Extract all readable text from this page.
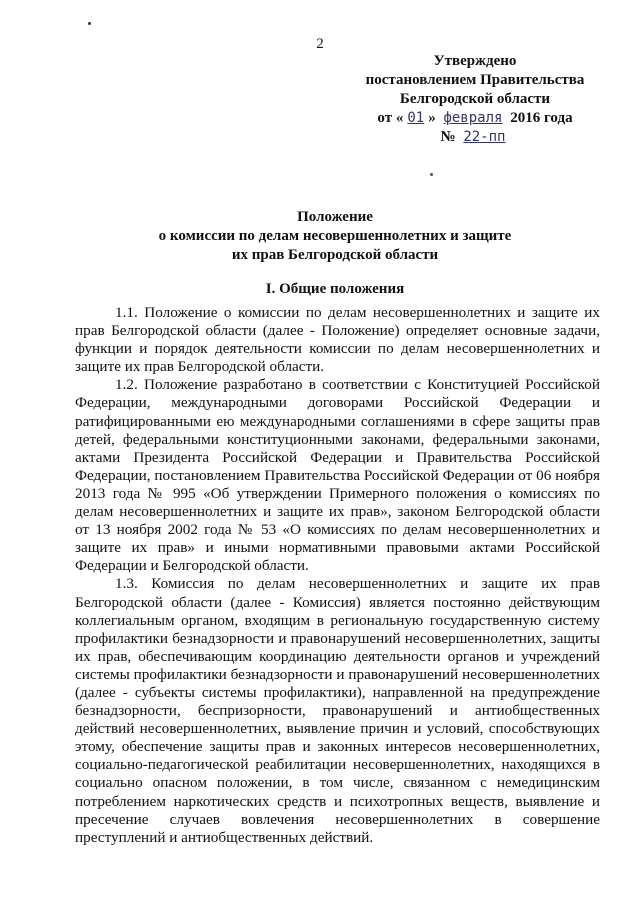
2
Утверждено
постановлением Правительства
Белгородской области
от « 01 » февраля 2016 года
№ 22-пп
Положение
о комиссии по делам несовершеннолетних и защите
их прав Белгородской области
I. Общие положения

1.1. Положение о комиссии по делам несовершеннолетних и защите их прав Белгородской области (далее - Положение) определяет основные задачи, функции и порядок деятельности комиссии по делам несовершеннолетних и защите их прав Белгородской области.

1.2. Положение разработано в соответствии с Конституцией Российской Федерации, международными договорами Российской Федерации и ратифицированными ею международными соглашениями в сфере защиты прав детей, федеральными конституционными законами, федеральными законами, актами Президента Российской Федерации и Правительства Российской Федерации, постановлением Правительства Российской Федерации от 06 ноября 2013 года № 995 «Об утверждении Примерного положения о комиссиях по делам несовершеннолетних и защите их прав», законом Белгородской области от 13 ноября 2002 года № 53 «О комиссиях по делам несовершеннолетних и защите их прав» и иными нормативными правовыми актами Российской Федерации и Белгородской области.

1.3. Комиссия по делам несовершеннолетних и защите их прав Белгородской области (далее - Комиссия) является постоянно действующим коллегиальным органом, входящим в региональную государственную систему профилактики безнадзорности и правонарушений несовершеннолетних, защиты их прав, обеспечивающим координацию деятельности органов и учреждений системы профилактики безнадзорности и правонарушений несовершеннолетних (далее - субъекты системы профилактики), направленной на предупреждение безнадзорности, беспризорности, правонарушений и антиобщественных действий несовершеннолетних, выявление причин и условий, способствующих этому, обеспечение защиты прав и законных интересов несовершеннолетних, социально-педагогической реабилитации несовершеннолетних, находящихся в социально опасном положении, в том числе, связанном с немедицинским потреблением наркотических средств и психотропных веществ, выявление и пресечение случаев вовлечения несовершеннолетних в совершение преступлений и антиобщественных действий.
